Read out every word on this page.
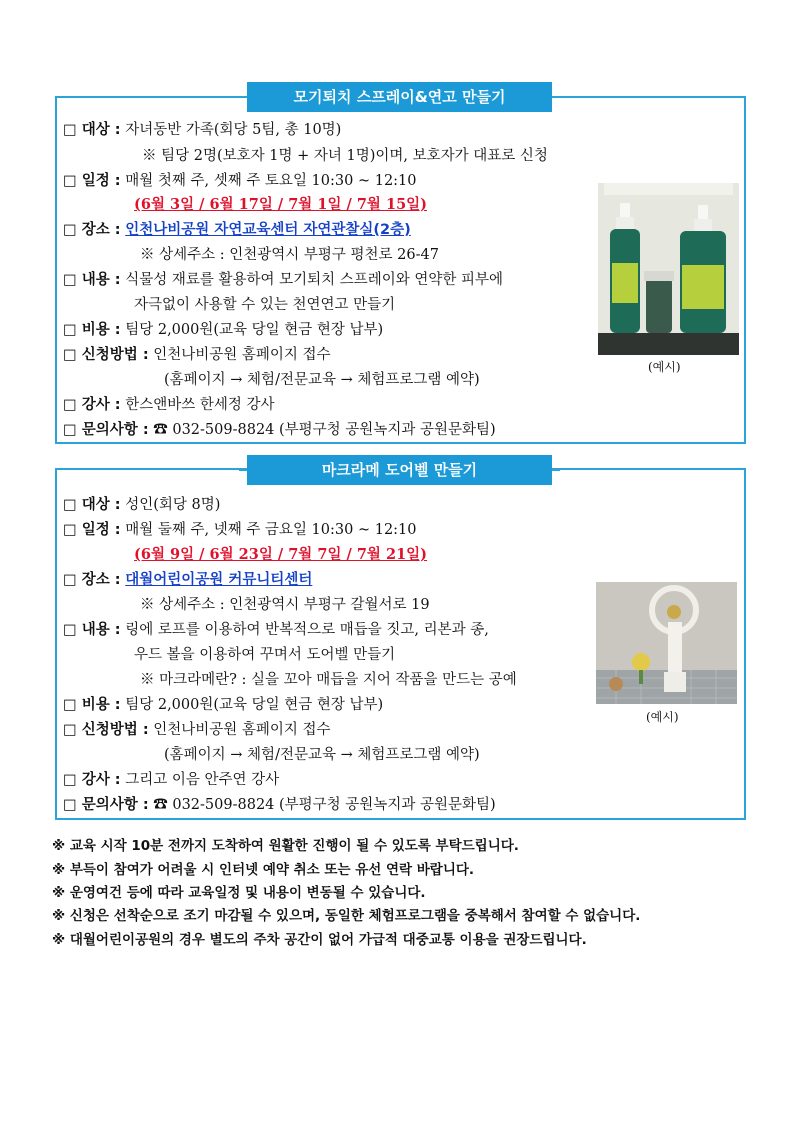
모기퇴치 스프레이&연고 만들기
□ 대상 : 자녀동반 가족(회당 5팀, 총 10명)
※ 팀당 2명(보호자 1명 + 자녀 1명)이며, 보호자가 대표로 신청
□ 일정 : 매월 첫째 주, 셋째 주 토요일 10:30 ~ 12:10
(6월 3일 / 6월 17일 / 7월 1일 / 7월 15일)
□ 장소 : 인천나비공원 자연교육센터 자연관찰실(2층)
※ 상세주소 : 인천광역시 부평구 평천로 26-47
□ 내용 : 식물성 재료를 활용하여 모기퇴치 스프레이와 연약한 피부에
자극없이 사용할 수 있는 천연연고 만들기
□ 비용 : 팀당 2,000원(교육 당일 현금 현장 납부)
□ 신청방법 : 인천나비공원 홈페이지 접수
(홈페이지 → 체험/전문교육 → 체험프로그램 예약)
□ 강사 : 한스앤바쓰 한세정 강사
□ 문의사항 : ☎ 032-509-8824 (부평구청 공원녹지과 공원문화팀)
(예시)
마크라메 도어벨 만들기
□ 대상 : 성인(회당 8명)
□ 일정 : 매월 둘째 주, 넷째 주 금요일 10:30 ~ 12:10
(6월 9일 / 6월 23일 / 7월 7일 / 7월 21일)
□ 장소 : 대월어린이공원 커뮤니티센터
※ 상세주소 : 인천광역시 부평구 갈월서로 19
□ 내용 : 링에 로프를 이용하여 반복적으로 매듭을 짓고, 리본과 종,
우드 볼을 이용하여 꾸며서 도어벨 만들기
※ 마크라메란? : 실을 꼬아 매듭을 지어 작품을 만드는 공예
□ 비용 : 팀당 2,000원(교육 당일 현금 현장 납부)
□ 신청방법 : 인천나비공원 홈페이지 접수
(홈페이지 → 체험/전문교육 → 체험프로그램 예약)
□ 강사 : 그리고 이음 안주연 강사
□ 문의사항 : ☎ 032-509-8824 (부평구청 공원녹지과 공원문화팀)
(예시)
※ 교육 시작 10분 전까지 도착하여 원활한 진행이 될 수 있도록 부탁드립니다.
※ 부득이 참여가 어려울 시 인터넷 예약 취소 또는 유선 연락 바랍니다.
※ 운영여건 등에 따라 교육일정 및 내용이 변동될 수 있습니다.
※ 신청은 선착순으로 조기 마감될 수 있으며, 동일한 체험프로그램을 중복해서 참여할 수 없습니다.
※ 대월어린이공원의 경우 별도의 주차 공간이 없어 가급적 대중교통 이용을 권장드립니다.
